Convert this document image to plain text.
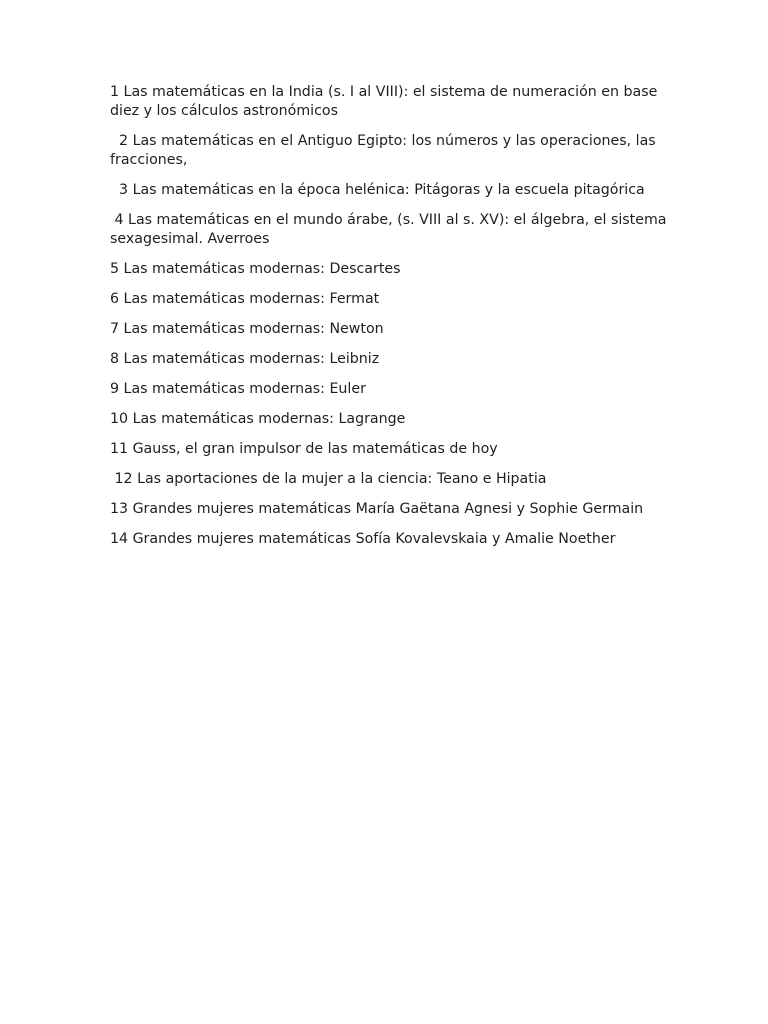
1 Las matemáticas en la India (s. I al VIII): el sistema de numeración en base diez y los cálculos astronómicos

2 Las matemáticas en el Antiguo Egipto: los números y las operaciones, las fracciones,

3 Las matemáticas en la época helénica: Pitágoras y la escuela pitagórica

4 Las matemáticas en el mundo árabe, (s. VIII al s. XV): el álgebra, el sistema sexagesimal. Averroes

5 Las matemáticas modernas: Descartes

6 Las matemáticas modernas: Fermat

7 Las matemáticas modernas: Newton

8 Las matemáticas modernas: Leibniz

9 Las matemáticas modernas: Euler

10 Las matemáticas modernas: Lagrange

11 Gauss, el gran impulsor de las matemáticas de hoy

12 Las aportaciones de la mujer a la ciencia: Teano e Hipatia

13 Grandes mujeres matemáticas María Gaëtana Agnesi y Sophie Germain

14 Grandes mujeres matemáticas Sofía Kovalevskaia y Amalie Noether
